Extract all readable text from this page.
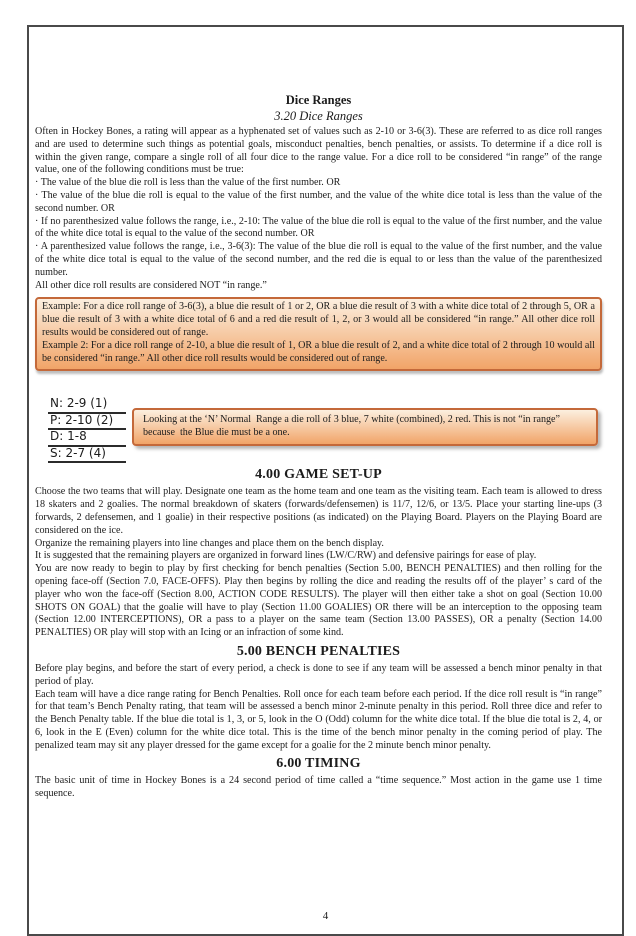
Dice Ranges
3.20 Dice Ranges

Often in Hockey Bones, a rating will appear as a hyphenated set of values such as 2-10 or 3-6(3). These are referred to as dice roll ranges and are used to determine such things as potential goals, misconduct penalties, bench penalties, or assists. To determine if a dice roll is within the given range, compare a single roll of all four dice to the range value. For a dice roll to be considered “in range” of the range value, one of the following conditions must be true:

· The value of the blue die roll is less than the value of the first number. OR

· The value of the blue die roll is equal to the value of the first number, and the value of the white dice total is less than the value of the second number. OR

· If no parenthesized value follows the range, i.e., 2-10: The value of the blue die roll is equal to the value of the first number, and the value of the white dice total is equal to the value of the second number. OR

· A parenthesized value follows the range, i.e., 3-6(3): The value of the blue die roll is equal to the value of the first number, and the value of the white dice total is equal to the value of the second number, and the red die is equal to or less than the value of the parenthesized number.

All other dice roll results are considered NOT “in range.”

Example: For a dice roll range of 3-6(3), a blue die result of 1 or 2, OR a blue die result of 3 with a white dice total of 2 through 5, OR a blue die result of 3 with a white dice total of 6 and a red die result of 1, 2, or 3 would all be considered “in range.” All other dice roll results would be considered out of range.

Example 2: For a dice roll range of 2-10, a blue die result of 1, OR a blue die result of 2, and a white dice total of 2 through 10 would all be considered “in range.” All other dice roll results would be considered out of range.

N: 2-9 (1)
P: 2-10 (2)
D: 1-8
S: 2-7 (4)

Looking at the ‘N’ Normal  Range a die roll of 3 blue, 7 white (combined), 2 red. This is not “in range” because  the Blue die must be a one.

4.00 GAME SET-UP

Choose the two teams that will play. Designate one team as the home team and one team as the visiting team. Each team is allowed to dress 18 skaters and 2 goalies. The normal breakdown of skaters (forwards/defensemen) is 11/7, 12/6, or 13/5. Place your starting line-ups (3 forwards, 2 defensemen, and 1 goalie) in their respective positions (as indicated) on the Playing Board. Players on the Playing Board are considered on the ice.

Organize the remaining players into line changes and place them on the bench display.

It is suggested that the remaining players are organized in forward lines (LW/C/RW) and defensive pairings for ease of play.

You are now ready to begin to play by first checking for bench penalties (Section 5.00, BENCH PENALTIES) and then rolling for the opening face-off (Section 7.0, FACE-OFFS). Play then begins by rolling the dice and reading the results off of the player’ s card of the player who won the face-off (Section 8.00, ACTION CODE RESULTS). The player will then either take a shot on goal (Section 10.00 SHOTS ON GOAL) that the goalie will have to play (Section 11.00 GOALIES) OR there will be an interception to the opposing team (Section 12.00 INTERCEPTIONS), OR a pass to a player on the same team (Section 13.00 PASSES), OR a penalty (Section 14.00 PENALTIES) OR play will stop with an Icing or an infraction of some kind.

5.00 BENCH PENALTIES

Before play begins, and before the start of every period, a check is done to see if any team will be assessed a bench minor penalty in that period of play.

Each team will have a dice range rating for Bench Penalties. Roll once for each team before each period. If the dice roll result is “in range” for that team’s Bench Penalty rating, that team will be assessed a bench minor 2-minute penalty in this period. Roll three dice and refer to the Bench Penalty table. If the blue die total is 1, 3, or 5, look in the O (Odd) column for the white dice total. If the blue die total is 2, 4, or 6, look in the E (Even) column for the white dice total. This is the time of the bench minor penalty in the coming period of play. The penalized team may sit any player dressed for the game except for a goalie for the 2 minute bench minor penalty.

6.00 TIMING

The basic unit of time in Hockey Bones is a 24 second period of time called a “time sequence.” Most action in the game use 1 time sequence.

4
